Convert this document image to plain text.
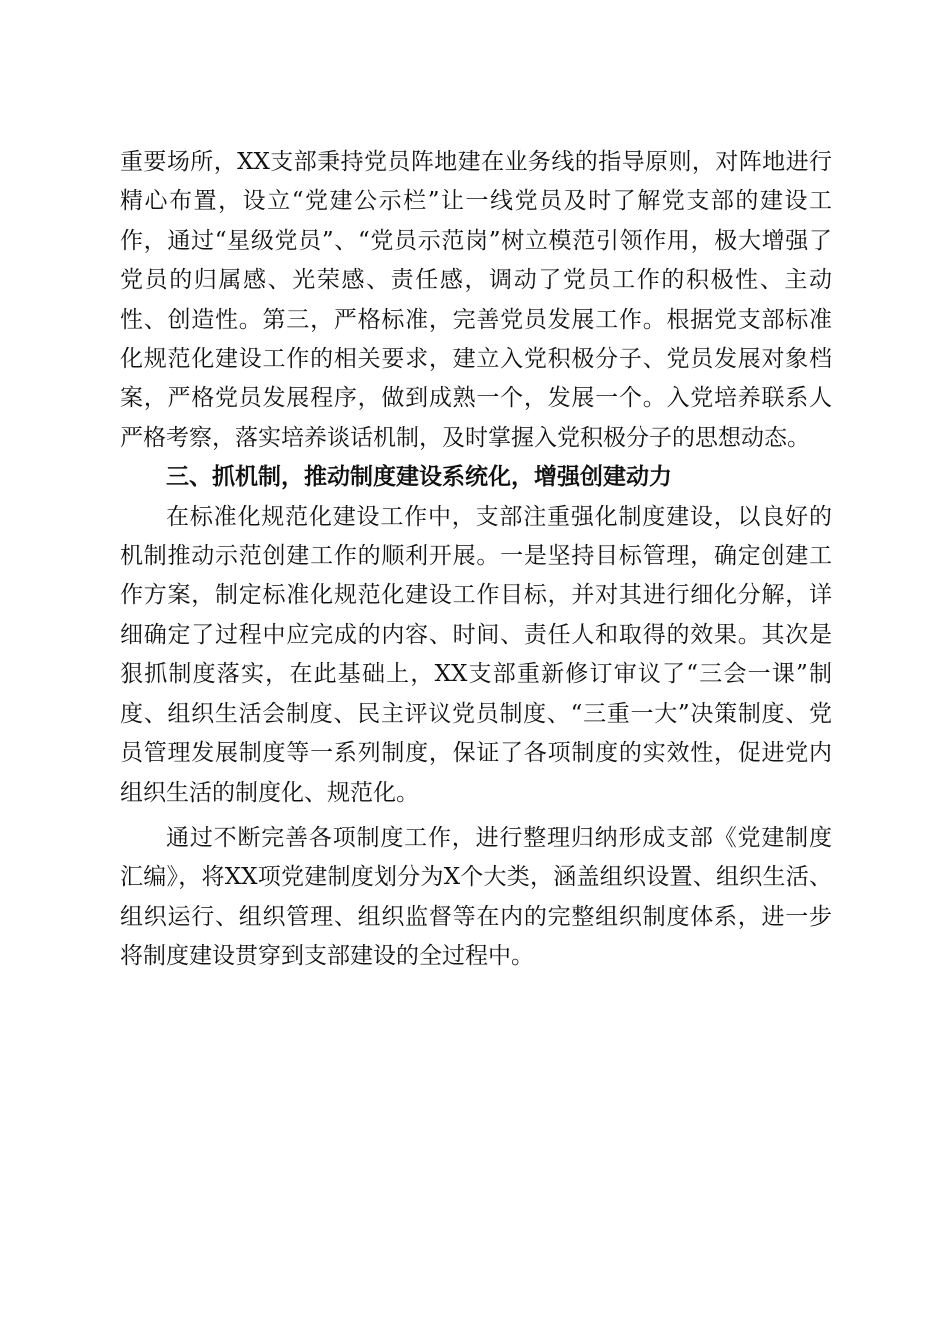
重要场所，XX支部秉持党员阵地建在业务线的指导原则，对阵地进行精心布置，设立“党建公示栏”让一线党员及时了解党支部的建设工作，通过“星级党员”、“党员示范岗”树立模范引领作用，极大增强了党员的归属感、光荣感、责任感，调动了党员工作的积极性、主动性、创造性。第三，严格标准，完善党员发展工作。根据党支部标准化规范化建设工作的相关要求，建立入党积极分子、党员发展对象档案，严格党员发展程序，做到成熟一个，发展一个。入党培养联系人严格考察，落实培养谈话机制，及时掌握入党积极分子的思想动态。

三、抓机制，推动制度建设系统化，增强创建动力

在标准化规范化建设工作中，支部注重强化制度建设，以良好的机制推动示范创建工作的顺利开展。一是坚持目标管理，确定创建工作方案，制定标准化规范化建设工作目标，并对其进行细化分解，详细确定了过程中应完成的内容、时间、责任人和取得的效果。其次是狠抓制度落实，在此基础上，XX支部重新修订审议了“三会一课”制度、组织生活会制度、民主评议党员制度、“三重一大”决策制度、党员管理发展制度等一系列制度，保证了各项制度的实效性，促进党内组织生活的制度化、规范化。

通过不断完善各项制度工作，进行整理归纳形成支部《党建制度汇编》，将XX项党建制度划分为X个大类，涵盖组织设置、组织生活、组织运行、组织管理、组织监督等在内的完整组织制度体系，进一步将制度建设贯穿到支部建设的全过程中。
